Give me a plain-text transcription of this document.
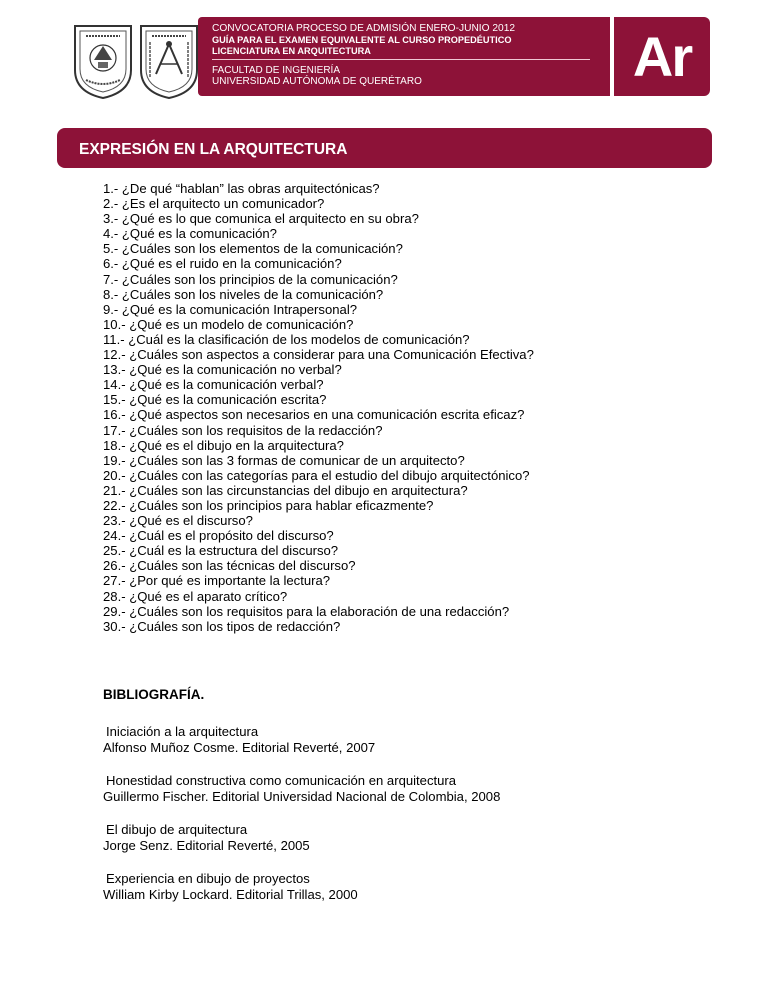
CONVOCATORIA PROCESO DE ADMISIÓN ENERO-JUNIO 2012
GUÍA PARA EL EXAMEN EQUIVALENTE AL CURSO PROPEDÉUTICO
LICENCIATURA EN ARQUITECTURA
FACULTAD DE INGENIERÍA
UNIVERSIDAD AUTÓNOMA DE QUERÉTARO	Ar
EXPRESIÓN EN LA ARQUITECTURA
1.- ¿De qué “hablan” las obras arquitectónicas?
2.- ¿Es el arquitecto un comunicador?
3.- ¿Qué es lo que comunica el arquitecto en su obra?
4.- ¿Qué es la comunicación?
5.- ¿Cuáles son los elementos de la comunicación?
6.- ¿Qué es el ruido en la comunicación?
7.- ¿Cuáles son los principios de la comunicación?
8.- ¿Cuáles son los niveles de la comunicación?
9.- ¿Qué es la comunicación Intrapersonal?
10.- ¿Qué es un modelo de comunicación?
11.- ¿Cuál es la clasificación de los modelos de comunicación?
12.- ¿Cuáles son aspectos a considerar para una Comunicación Efectiva?
13.- ¿Qué es la comunicación no verbal?
14.- ¿Qué es la comunicación verbal?
15.- ¿Qué es la comunicación escrita?
16.- ¿Qué aspectos son necesarios en una comunicación escrita eficaz?
17.- ¿Cuáles son los requisitos de la redacción?
18.- ¿Qué es el dibujo en la arquitectura?
19.- ¿Cuáles son las 3 formas de comunicar de un arquitecto?
20.- ¿Cuáles con las categorías para el estudio del dibujo arquitectónico?
21.- ¿Cuáles son las circunstancias del dibujo en arquitectura?
22.- ¿Cuáles son los principios para hablar eficazmente?
23.- ¿Qué es el discurso?
24.- ¿Cuál es el propósito del discurso?
25.- ¿Cuál es la estructura del discurso?
26.- ¿Cuáles son las técnicas del discurso?
27.- ¿Por qué es importante la lectura?
28.- ¿Qué es el aparato crítico?
29.- ¿Cuáles son los requisitos para la elaboración de una redacción?
30.- ¿Cuáles son los tipos de redacción?
BIBLIOGRAFÍA.
Iniciación a la arquitectura
Alfonso Muñoz Cosme. Editorial Reverté, 2007
Honestidad constructiva como comunicación en arquitectura
Guillermo Fischer. Editorial Universidad Nacional de Colombia, 2008
El dibujo de arquitectura
Jorge Senz. Editorial Reverté, 2005
Experiencia en dibujo de proyectos
William Kirby Lockard. Editorial Trillas, 2000
